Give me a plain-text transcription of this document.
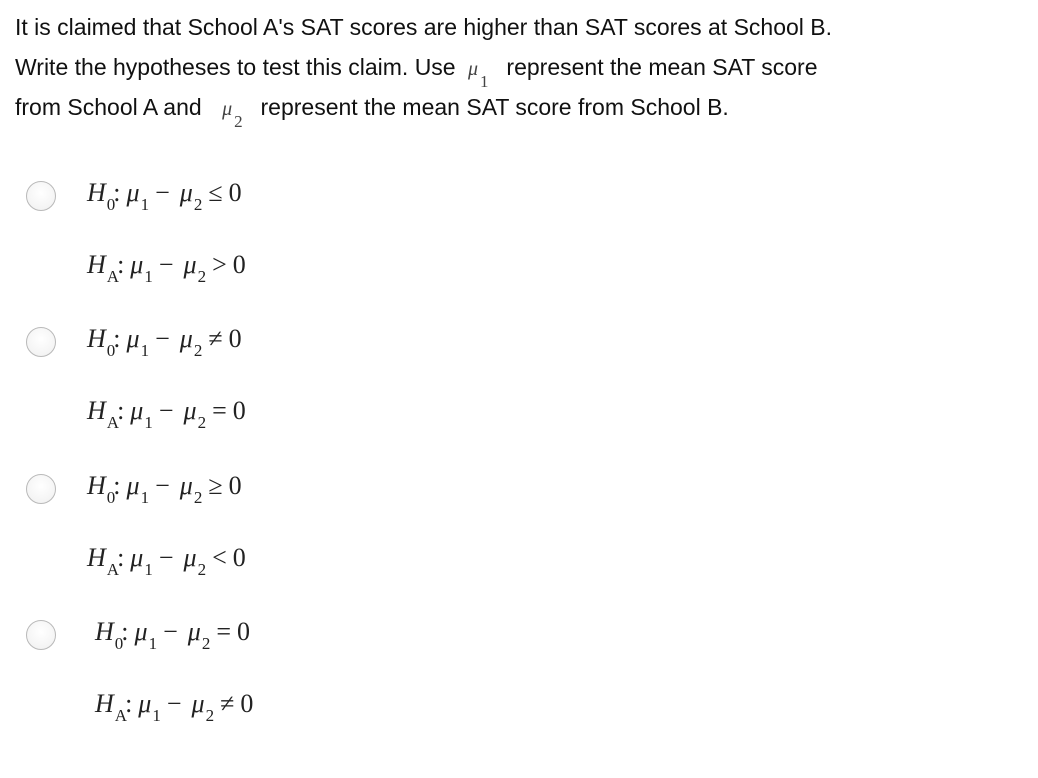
It is claimed that School A's SAT scores are higher than SAT scores at School B.
Write the hypotheses to test this claim. Use μ
1
represent the mean SAT score
from School A and μ
2
represent the mean SAT score from School B.
$H_0$: $\mu_1 - \mu_2 \le 0$
$H_A$: $\mu_1 - \mu_2 > 0$
$H_0$: $\mu_1 - \mu_2 \ne 0$
$H_A$: $\mu_1 - \mu_2 = 0$
$H_0$: $\mu_1 - \mu_2 \ge 0$
$H_A$: $\mu_1 - \mu_2 < 0$
$H_0$: $\mu_1 - \mu_2 = 0$
$H_A$: $\mu_1 - \mu_2 \ne 0$
